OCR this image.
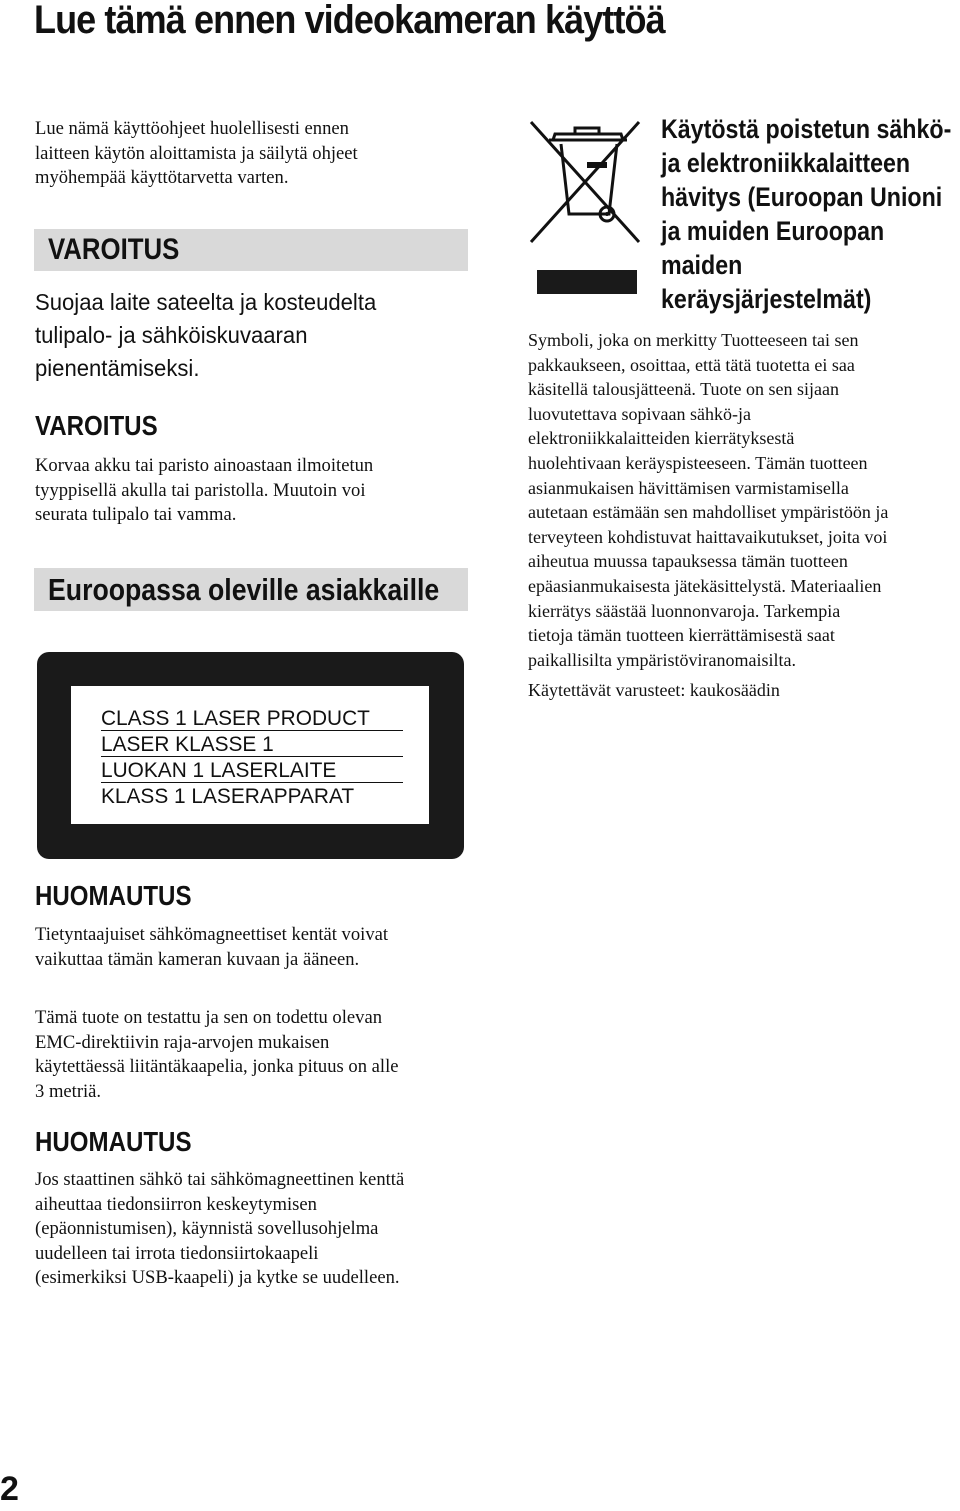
Lue tämä ennen videokameran käyttöä

Lue nämä käyttöohjeet huolellisesti ennen
laitteen käytön aloittamista ja säilytä ohjeet
myöhempää käyttötarvetta varten.

VAROITUS

Suojaa laite sateelta ja kosteudelta
tulipalo- ja sähköiskuvaaran
pienentämiseksi.

VAROITUS

Korvaa akku tai paristo ainoastaan ilmoitetun
tyyppisellä akulla tai paristolla. Muutoin voi
seurata tulipalo tai vamma.

Euroopassa oleville asiakkaille
CLASS 1 LASER PRODUCT
LASER KLASSE 1
LUOKAN 1 LASERLAITE
KLASS 1 LASERAPPARAT

HUOMAUTUS

Tietyntaajuiset sähkömagneettiset kentät voivat
vaikuttaa tämän kameran kuvaan ja ääneen.

Tämä tuote on testattu ja sen on todettu olevan
EMC-direktiivin raja-arvojen mukaisen
käytettäessä liitäntäkaapelia, jonka pituus on alle
3 metriä.

HUOMAUTUS

Jos staattinen sähkö tai sähkömagneettinen kenttä
aiheuttaa tiedonsiirron keskeytymisen
(epäonnistumisen), käynnistä sovellusohjelma
uudelleen tai irrota tiedonsiirtokaapeli
(esimerkiksi USB-kaapeli) ja kytke se uudelleen.

Käytöstä poistetun sähkö-
ja elektroniikkalaitteen
hävitys (Euroopan Unioni
ja muiden Euroopan
maiden
keräysjärjestelmät)

Symboli, joka on merkitty Tuotteeseen tai sen
pakkaukseen, osoittaa, että tätä tuotetta ei saa
käsitellä talousjätteenä. Tuote on sen sijaan
luovutettava sopivaan sähkö-ja
elektroniikkalaitteiden kierrätyksestä
huolehtivaan keräyspisteeseen. Tämän tuotteen
asianmukaisen hävittämisen varmistamisella
autetaan estämään sen mahdolliset ympäristöön ja
terveyteen kohdistuvat haittavaikutukset, joita voi
aiheutua muussa tapauksessa tämän tuotteen
epäasianmukaisesta jätekäsittelystä. Materiaalien
kierrätys säästää luonnonvaroja. Tarkempia
tietoja tämän tuotteen kierrättämisestä saat
paikallisilta ympäristöviranomaisilta.

Käytettävät varusteet: kaukosäädin

2
